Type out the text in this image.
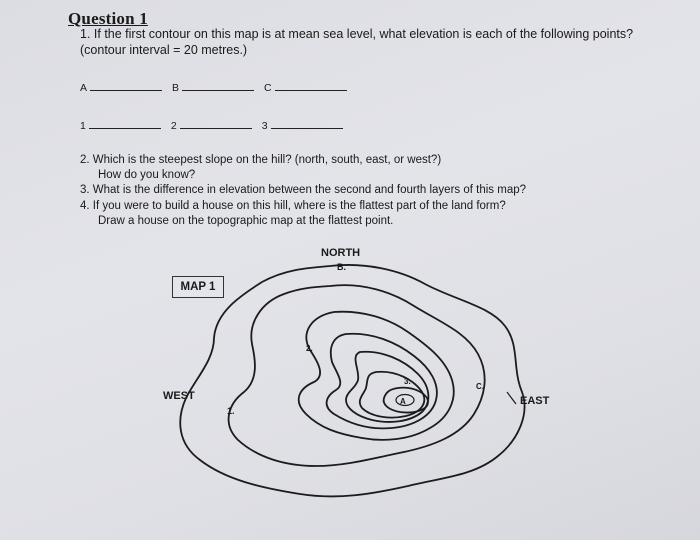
Question 1
1. If the first contour on this map is at mean sea level, what elevation is each of the following points?
(contour interval = 20 metres.)
A	B	C
1	2	3
2. Which is the steepest slope on the hill? (north, south, east, or west?)
How do you know?
3. What is the difference in elevation between the second and fourth layers of this map?
4. If you were to build a house on this hill, where is the flattest part of the land form?
Draw a house on the topographic map at the flattest point.
NORTH
B.
WEST	EAST
C.
2.
3.
1.
A
MAP 1
